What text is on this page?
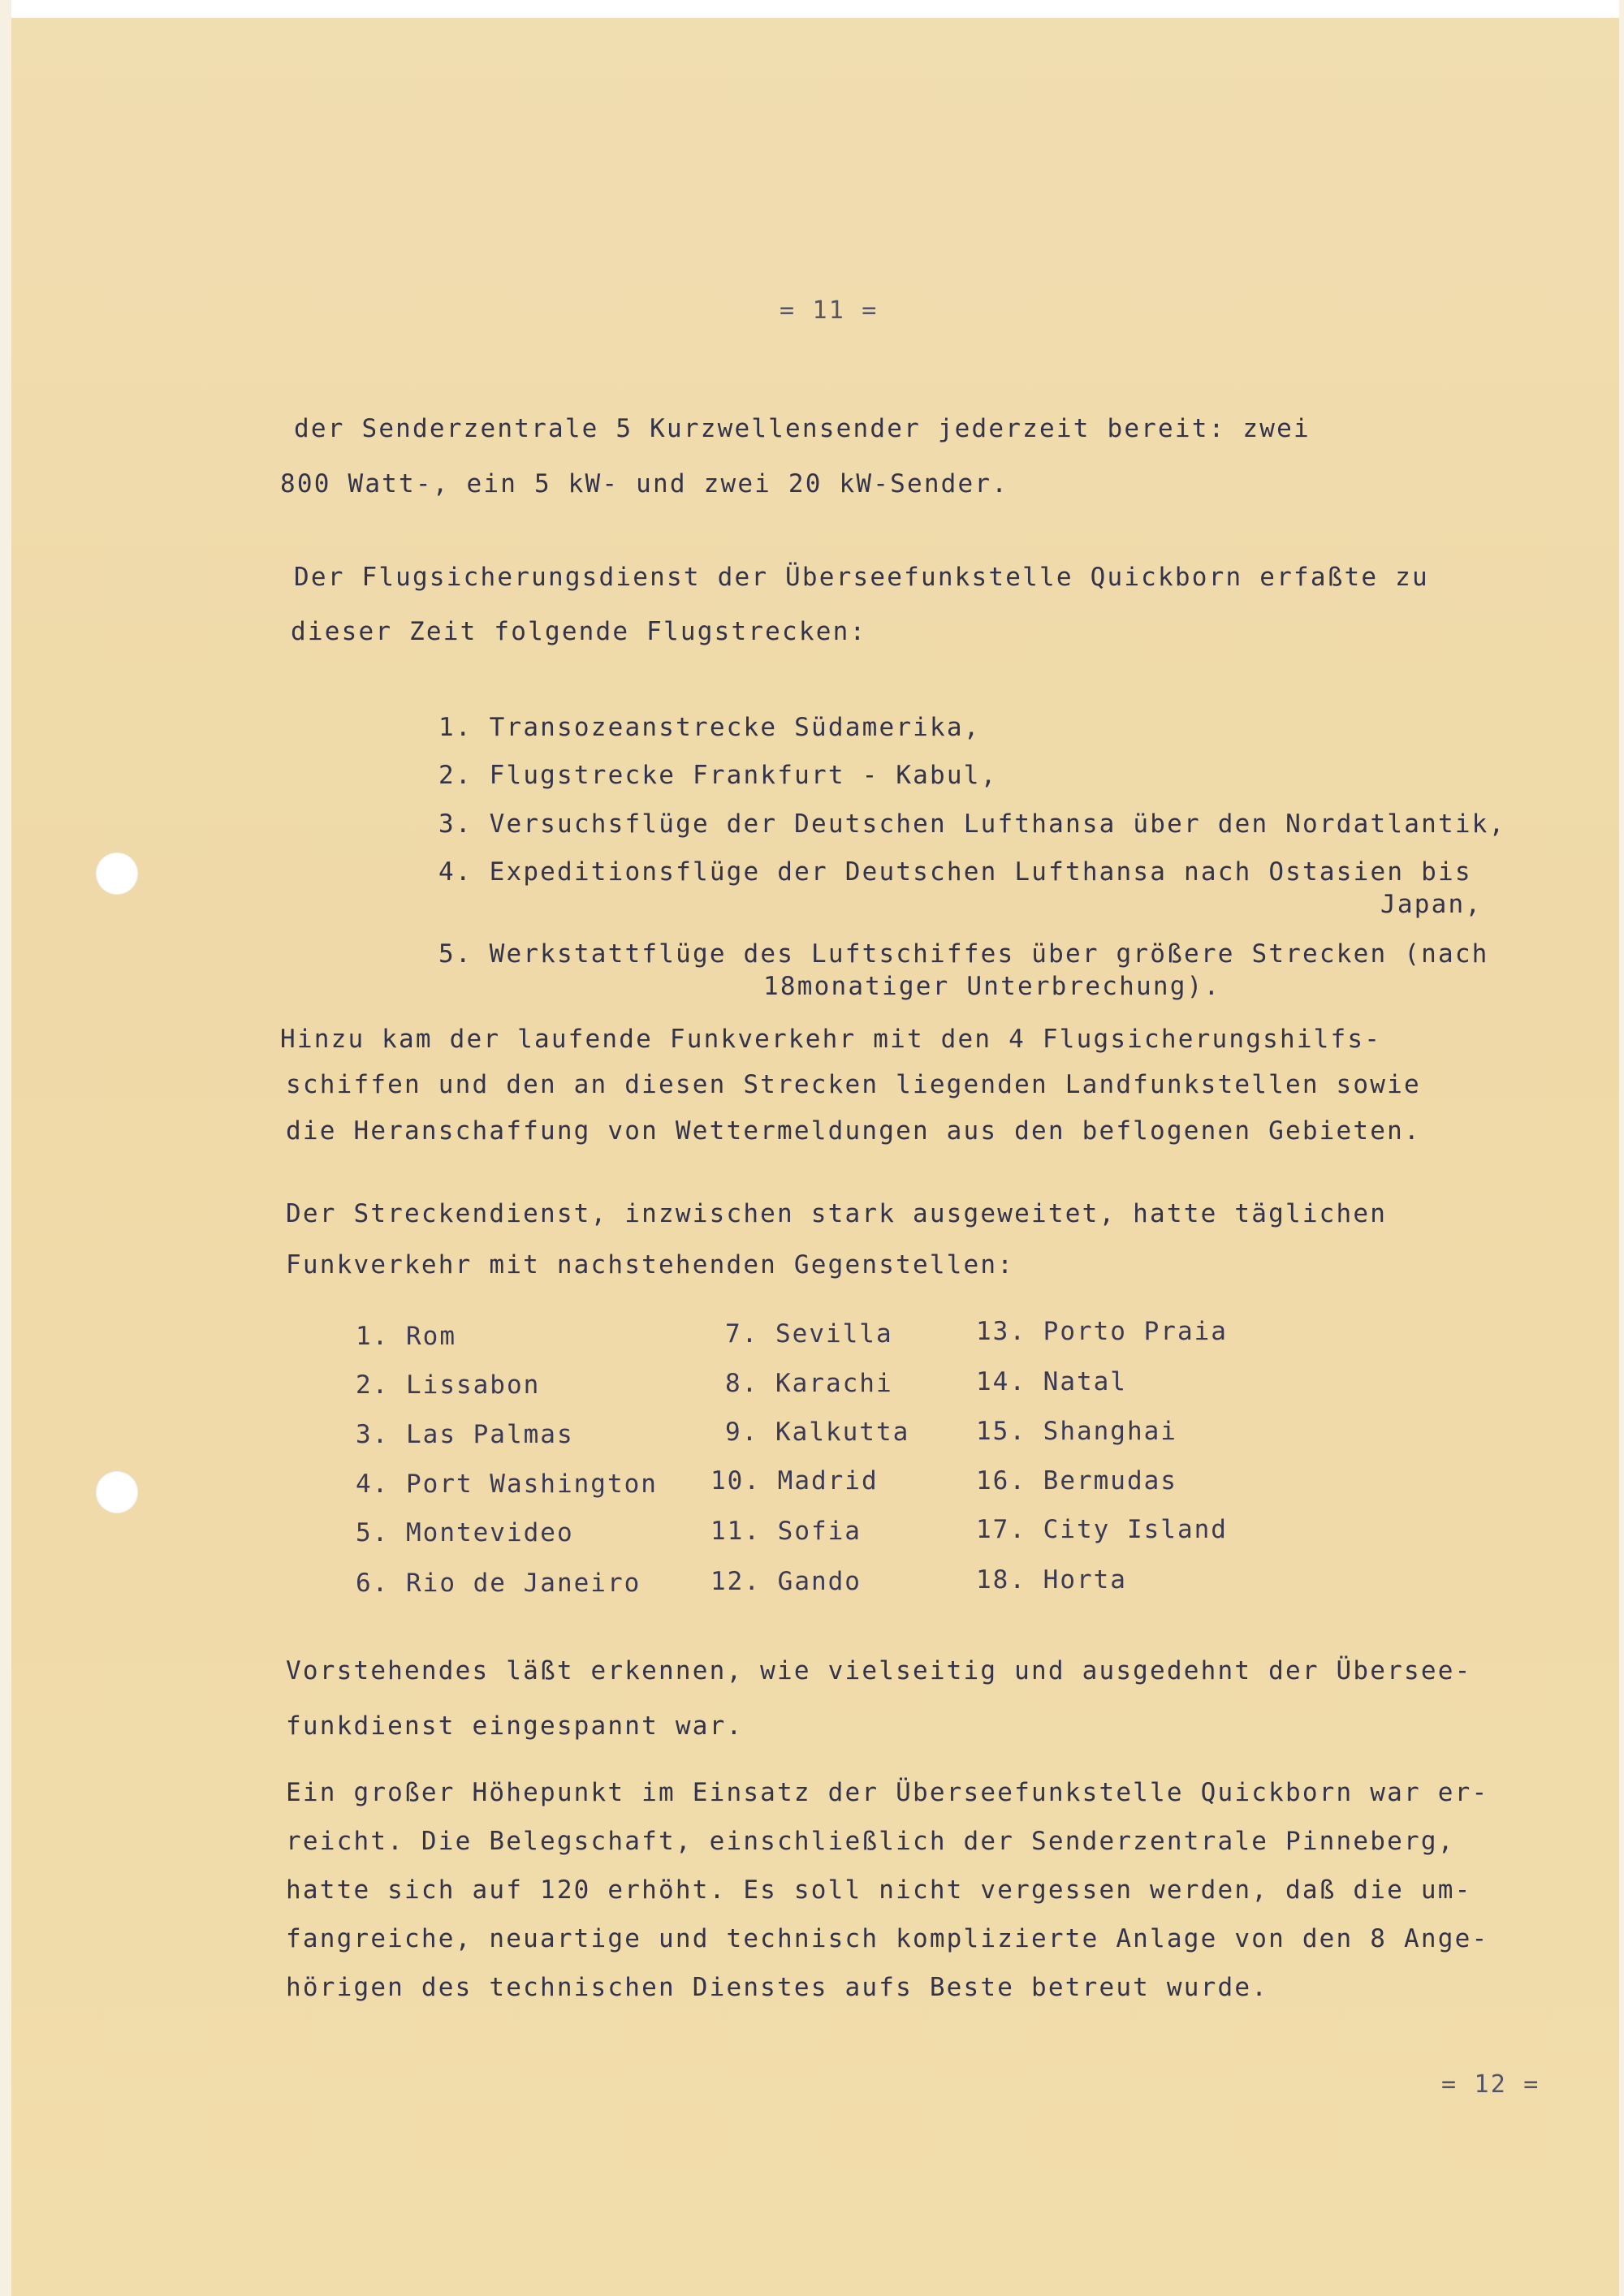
= 11 =
der Senderzentrale 5 Kurzwellensender jederzeit bereit: zwei
800 Watt-, ein 5 kW- und zwei 20 kW-Sender.
Der Flugsicherungsdienst der Überseefunkstelle Quickborn erfaßte zu
dieser Zeit folgende Flugstrecken:
1. Transozeanstrecke Südamerika,
2. Flugstrecke Frankfurt - Kabul,
3. Versuchsflüge der Deutschen Lufthansa über den Nordatlantik,
4. Expeditionsflüge der Deutschen Lufthansa nach Ostasien bis
Japan,
5. Werkstattflüge des Luftschiffes über größere Strecken (nach
18monatiger Unterbrechung).
Hinzu kam der laufende Funkverkehr mit den 4 Flugsicherungshilfs-
schiffen und den an diesen Strecken liegenden Landfunkstellen sowie
die Heranschaffung von Wettermeldungen aus den beflogenen Gebieten.
Der Streckendienst, inzwischen stark ausgeweitet, hatte täglichen
Funkverkehr mit nachstehenden Gegenstellen:
1. Rom
2. Lissabon
3. Las Palmas
4. Port Washington
5. Montevideo
6. Rio de Janeiro
7. Sevilla
8. Karachi
9. Kalkutta
10. Madrid
11. Sofia
12. Gando
13. Porto Praia
14. Natal
15. Shanghai
16. Bermudas
17. City Island
18. Horta
Vorstehendes läßt erkennen, wie vielseitig und ausgedehnt der Übersee-
funkdienst eingespannt war.
Ein großer Höhepunkt im Einsatz der Überseefunkstelle Quickborn war er-
reicht. Die Belegschaft, einschließlich der Senderzentrale Pinneberg,
hatte sich auf 120 erhöht. Es soll nicht vergessen werden, daß die um-
fangreiche, neuartige und technisch komplizierte Anlage von den 8 Ange-
hörigen des technischen Dienstes aufs Beste betreut wurde.
= 12 =
